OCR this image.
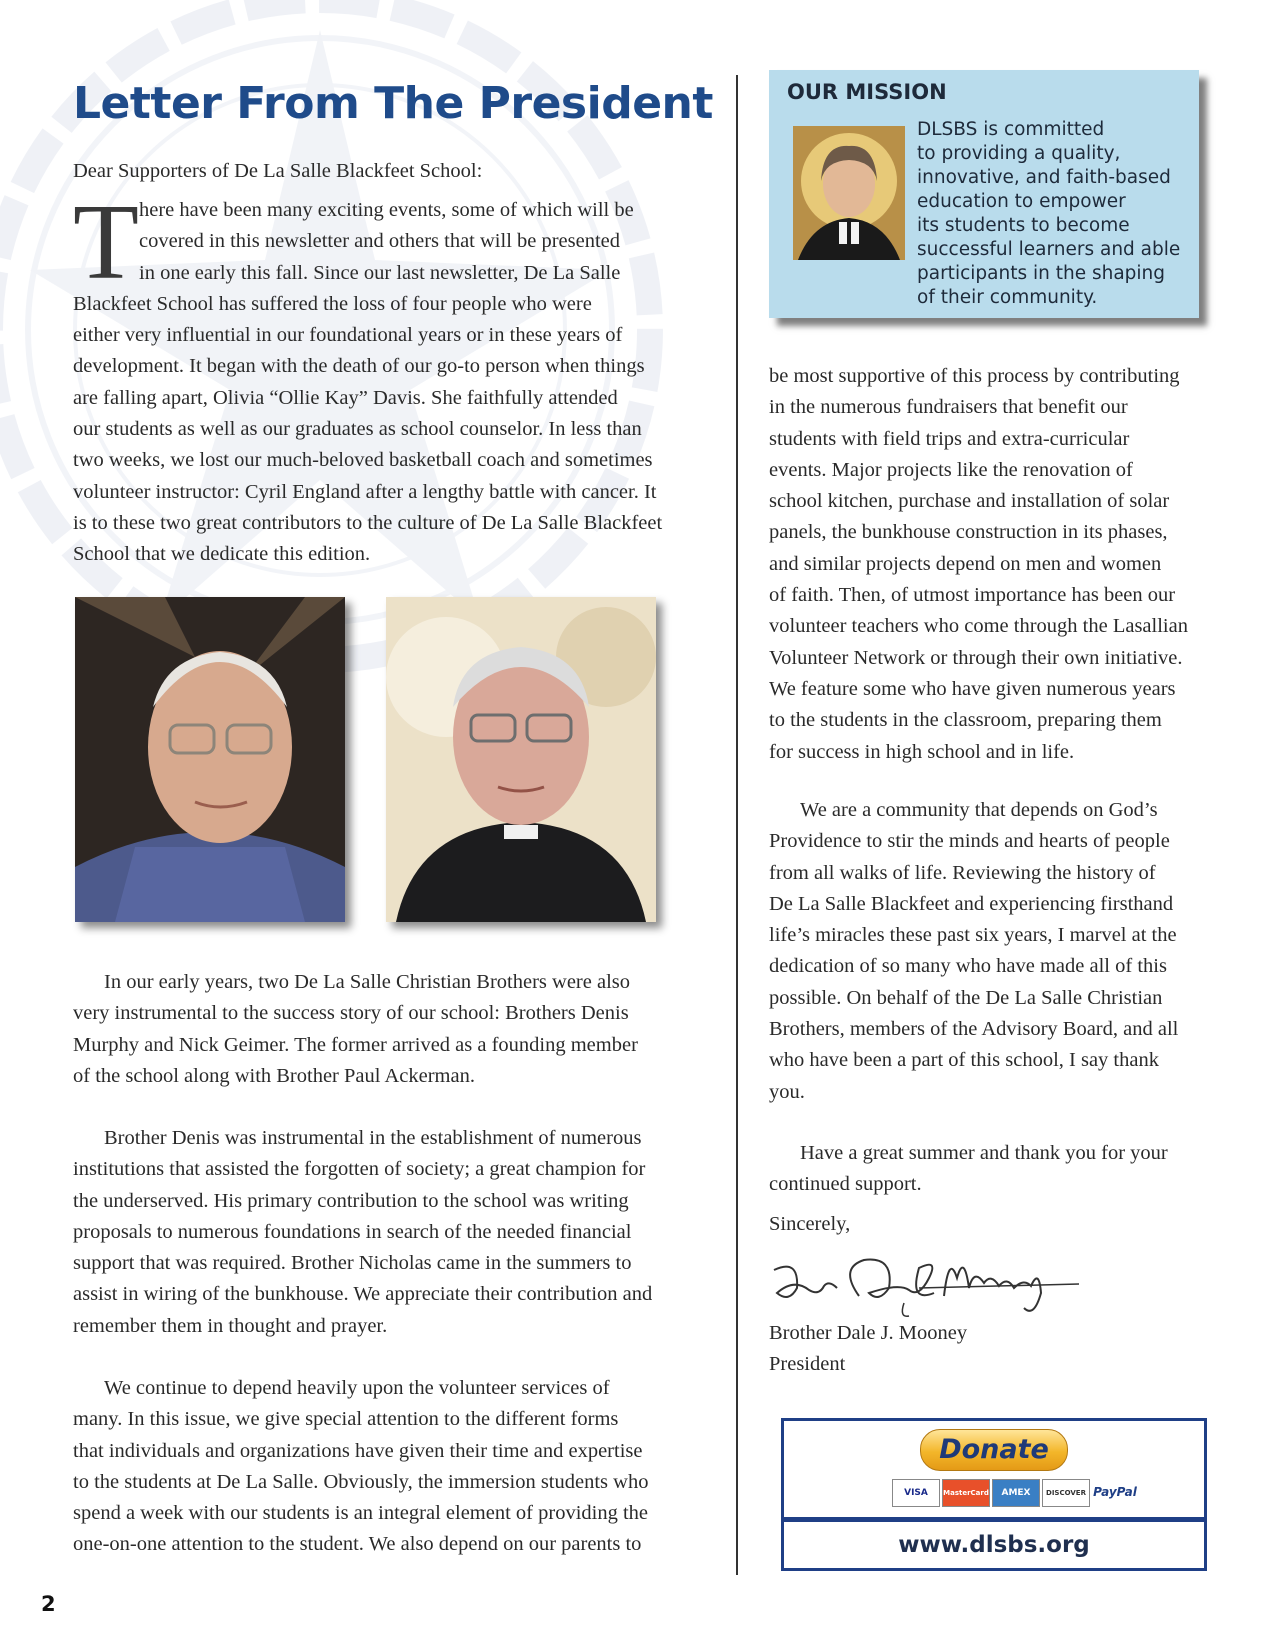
Letter From The President
Dear Supporters of De La Salle Blackfeet School:
T here have been many exciting events, some of which will be
covered in this newsletter and others that will be presented
in one early this fall. Since our last newsletter, De La Salle
Blackfeet School has suffered the loss of four people who were
either very influential in our foundational years or in these years of
development. It began with the death of our go-to person when things
are falling apart, Olivia “Ollie Kay” Davis. She faithfully attended
our students as well as our graduates as school counselor. In less than
two weeks, we lost our much-beloved basketball coach and sometimes
volunteer instructor: Cyril England after a lengthy battle with cancer. It
is to these two great contributors to the culture of De La Salle Blackfeet
School that we dedicate this edition.
In our early years, two De La Salle Christian Brothers were also
very instrumental to the success story of our school: Brothers Denis
Murphy and Nick Geimer. The former arrived as a founding member
of the school along with Brother Paul Ackerman.
Brother Denis was instrumental in the establishment of numerous
institutions that assisted the forgotten of society; a great champion for
the underserved. His primary contribution to the school was writing
proposals to numerous foundations in search of the needed financial
support that was required. Brother Nicholas came in the summers to
assist in wiring of the bunkhouse. We appreciate their contribution and
remember them in thought and prayer.
We continue to depend heavily upon the volunteer services of
many. In this issue, we give special attention to the different forms
that individuals and organizations have given their time and expertise
to the students at De La Salle. Obviously, the immersion students who
spend a week with our students is an integral element of providing the
one-on-one attention to the student. We also depend on our parents to
OUR MISSION
DLSBS is committed
to providing a quality,
innovative, and faith-based
education to empower
its students to become
successful learners and able
participants in the shaping
of their community.
be most supportive of this process by contributing
in the numerous fundraisers that benefit our
students with field trips and extra-curricular
events. Major projects like the renovation of
school kitchen, purchase and installation of solar
panels, the bunkhouse construction in its phases,
and similar projects depend on men and women
of faith. Then, of utmost importance has been our
volunteer teachers who come through the Lasallian
Volunteer Network or through their own initiative.
We feature some who have given numerous years
to the students in the classroom, preparing them
for success in high school and in life.
We are a community that depends on God’s
Providence to stir the minds and hearts of people
from all walks of life. Reviewing the history of
De La Salle Blackfeet and experiencing firsthand
life’s miracles these past six years, I marvel at the
dedication of so many who have made all of this
possible. On behalf of the De La Salle Christian
Brothers, members of the Advisory Board, and all
who have been a part of this school, I say thank
you.
Have a great summer and thank you for your
continued support.
Sincerely,
Brother Dale J. Mooney
President
Donate
VISA	MasterCard	AMEX	DISCOVER PayPal
www.dlsbs.org
2
